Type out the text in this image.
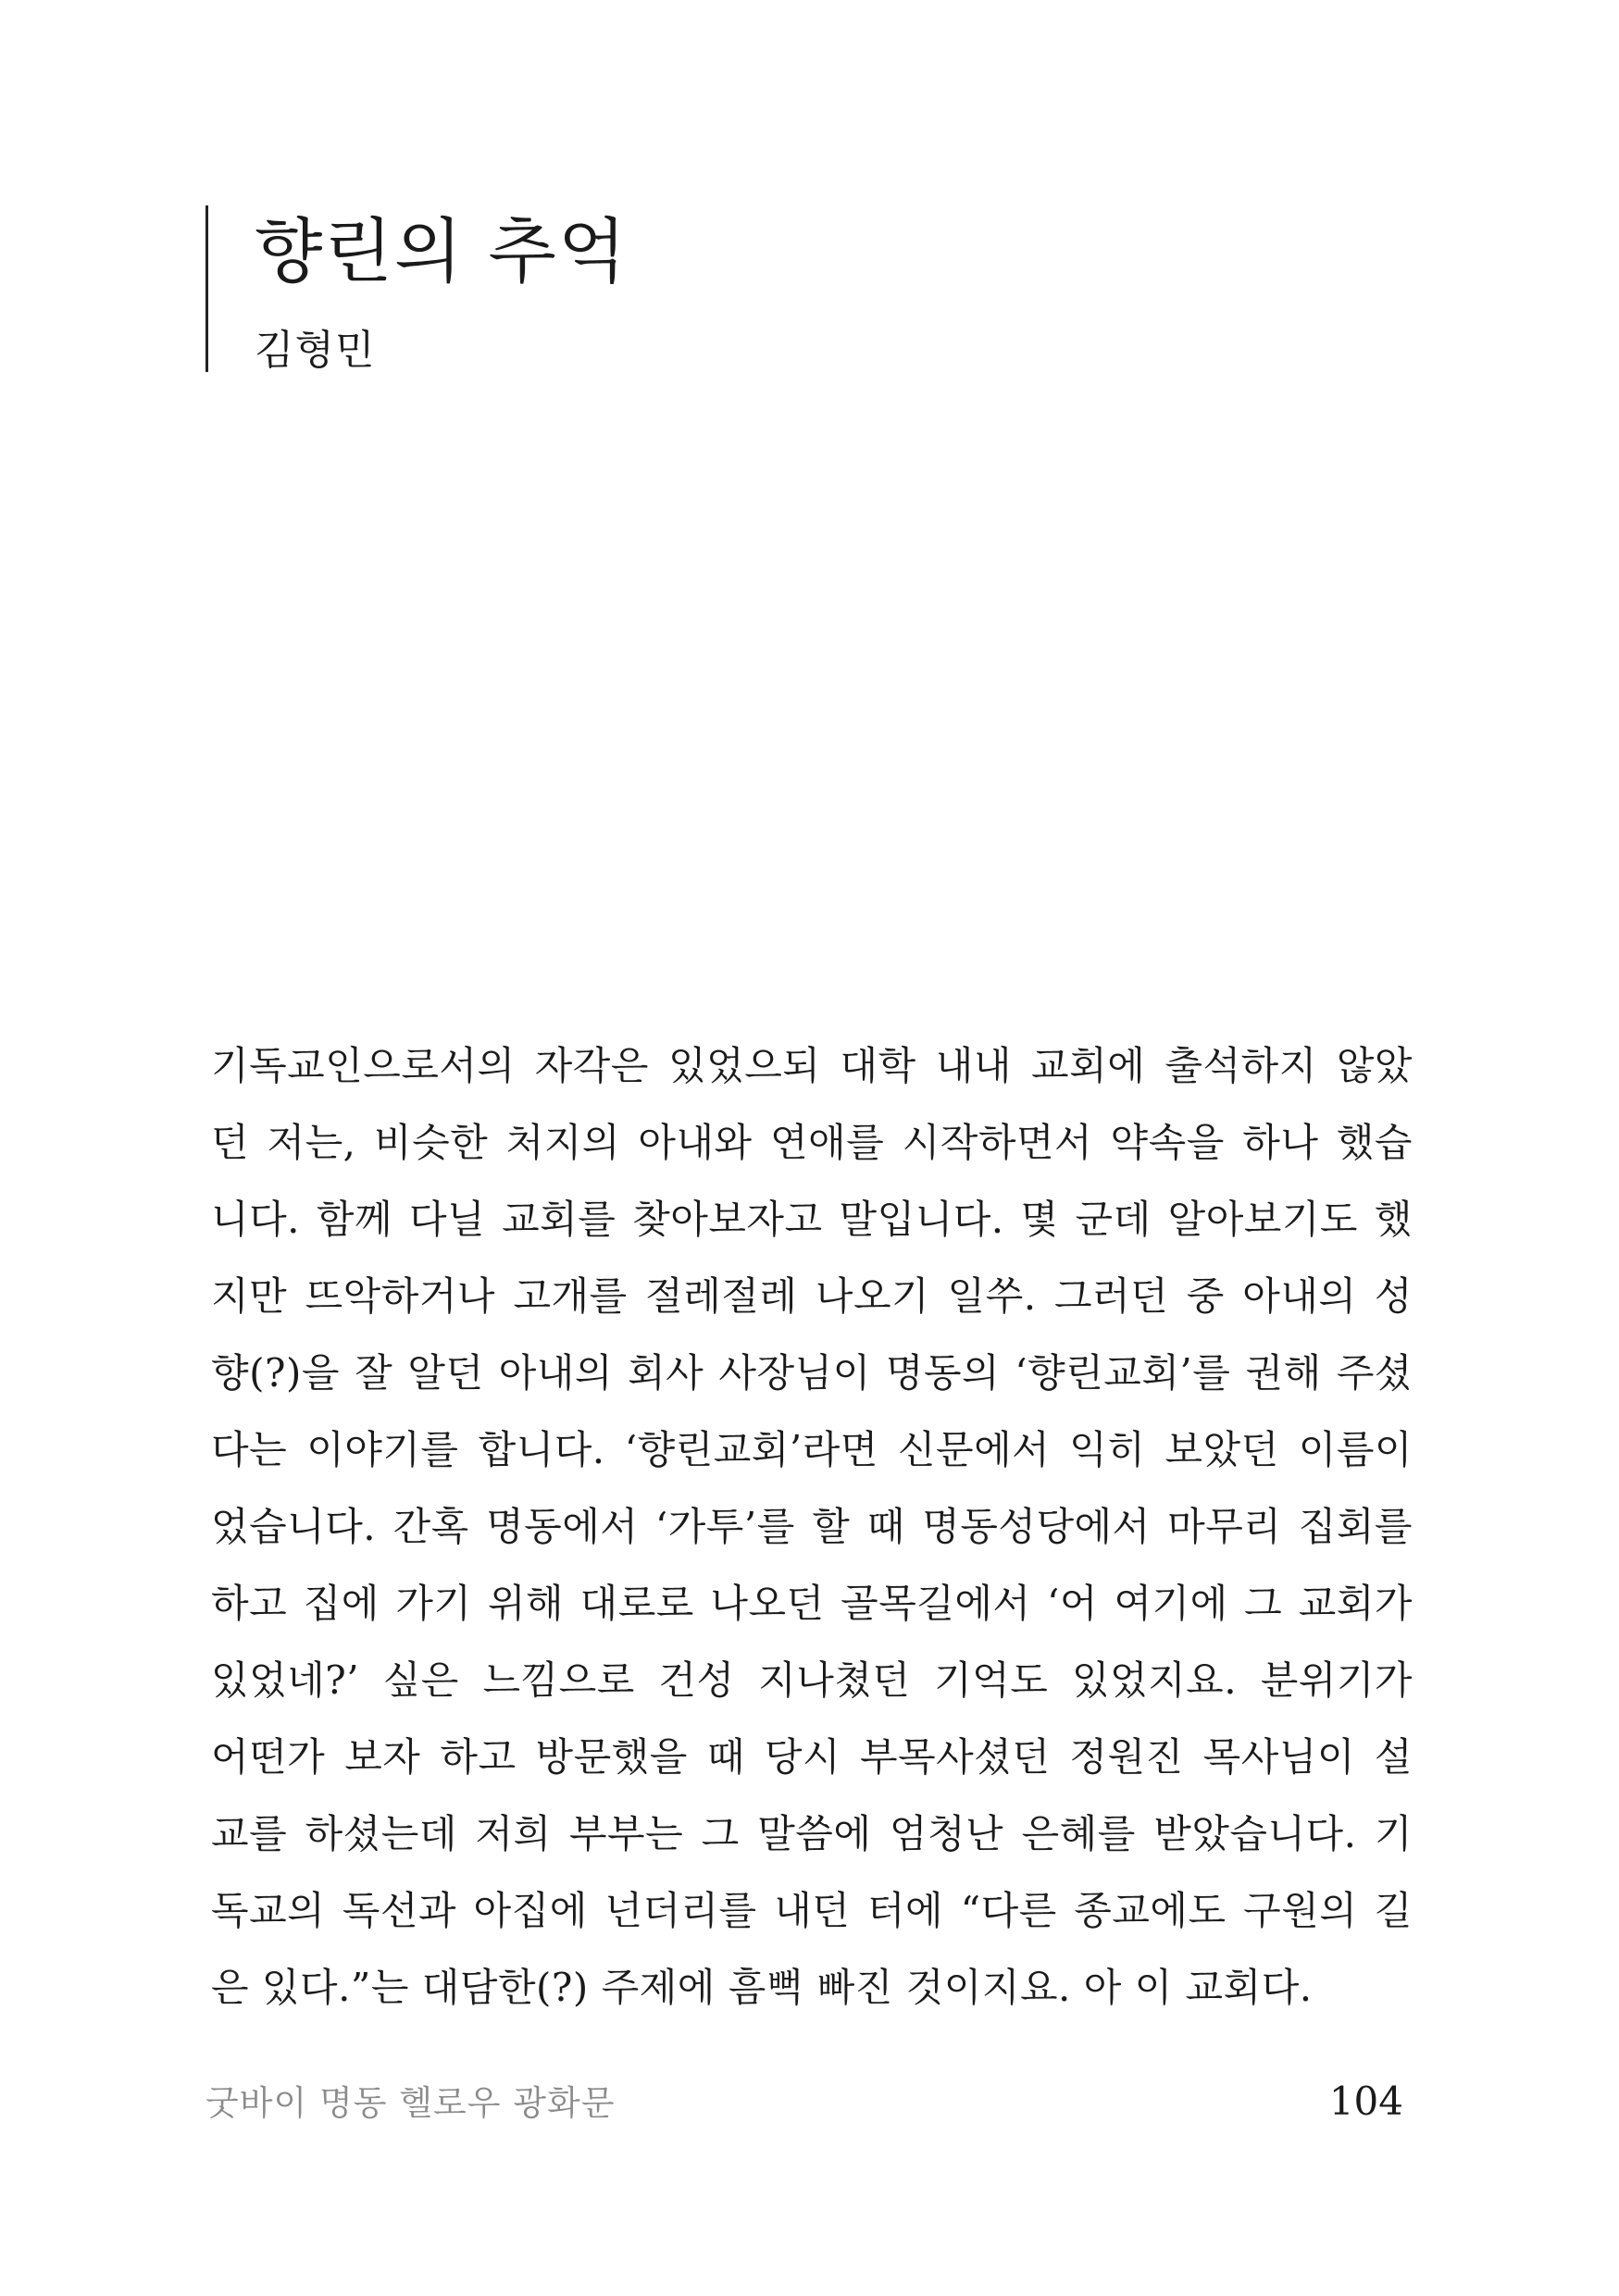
향린의 추억
김형민
기독교인으로서의 자각은 있었으되 대학 내내 교회에 출석하지 않았
던 저는, 비슷한 처지의 아내와 연애를 시작하면서 약속을 하나 했습
니다. 함께 다닐 교회를 찾아보자고 말입니다. 몇 군데 알아보기도 했
지만 뜨악하거나 고개를 절레절레 나오기 일쑤. 그러던 중 아내의 성
향(?)을 잘 알던 아내의 회사 사장님이 명동의 ‘향린교회’를 권해 주셨
다는 이야기를 합니다. ‘향린교회’라면 신문에서 익히 보았던 이름이
었습니다. 간혹 명동에서 ‘가투’를 할 때 명동성당에서 마무리 집회를
하고 집에 가기 위해 대로로 나오던 골목길에서 ‘어 여기에 그 교회가
있었네?’ 싶은 느낌으로 건성 지나쳤던 기억도 있었지요. 분위기가
어떤가 보자 하고 방문했을 때 당시 부목사셨던 정원진 목사님이 설
교를 하셨는데 저희 부부는 그 말씀에 엄청난 은혜를 받았습니다. 기
독교의 독선과 아집에 넌더리를 내던 터에 “다른 종교에도 구원의 길
은 있다.”는 대담한(?) 주제에 흠뻑 빠진 것이지요. 아 이 교회다.
굿바이 명동 헬로우 광화문	104
